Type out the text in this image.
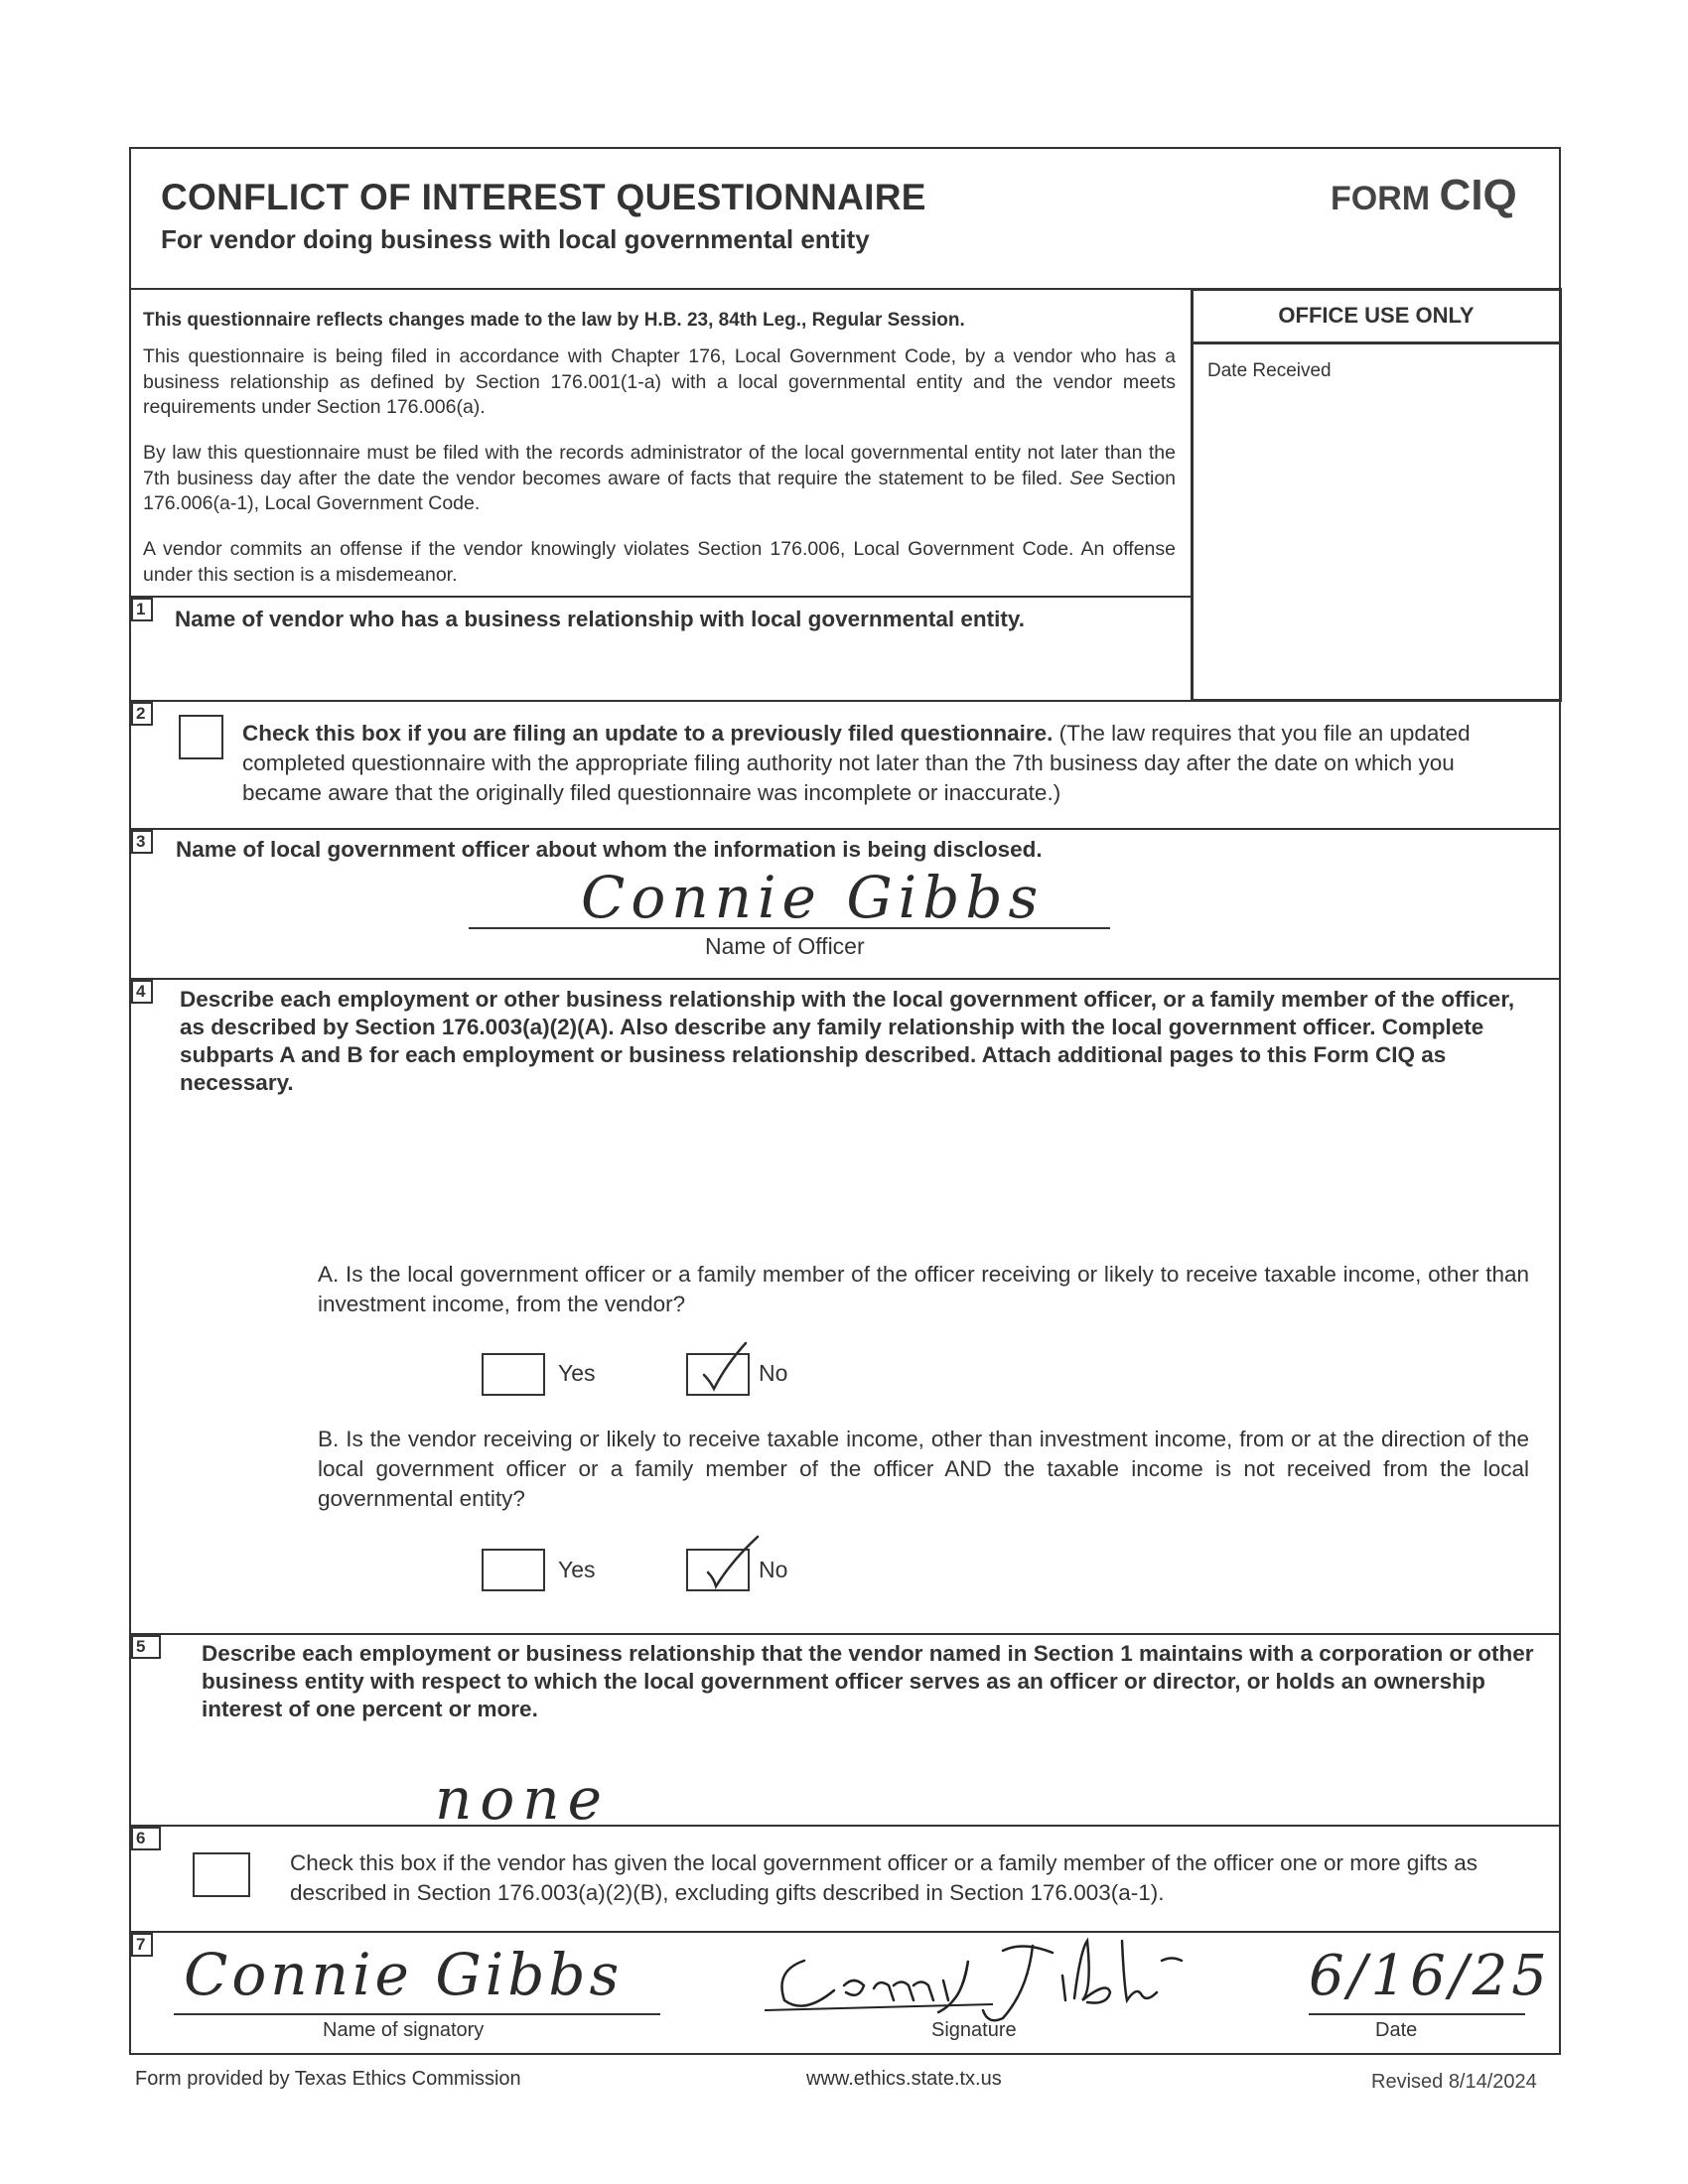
CONFLICT OF INTEREST QUESTIONNAIRE
For vendor doing business with local governmental entity
FORM CIQ
This questionnaire reflects changes made to the law by H.B. 23, 84th Leg., Regular Session.
This questionnaire is being filed in accordance with Chapter 176, Local Government Code, by a vendor who has a business relationship as defined by Section 176.001(1-a) with a local governmental entity and the vendor meets requirements under Section 176.006(a).
By law this questionnaire must be filed with the records administrator of the local governmental entity not later than the 7th business day after the date the vendor becomes aware of facts that require the statement to be filed. See Section 176.006(a-1), Local Government Code.
A vendor commits an offense if the vendor knowingly violates Section 176.006, Local Government Code. An offense under this section is a misdemeanor.
OFFICE USE ONLY
Date Received
1	Name of vendor who has a business relationship with local governmental entity.
2
Check this box if you are filing an update to a previously filed questionnaire. (The law requires that you file an updated completed questionnaire with the appropriate filing authority not later than the 7th business day after the date on which you became aware that the originally filed questionnaire was incomplete or inaccurate.)
3	Name of local government officer about whom the information is being disclosed.
Connie Gibbs
Name of Officer
4	Describe each employment or other business relationship with the local government officer, or a family member of the officer, as described by Section 176.003(a)(2)(A). Also describe any family relationship with the local government officer. Complete subparts A and B for each employment or business relationship described. Attach additional pages to this Form CIQ as necessary.
A. Is the local government officer or a family member of the officer receiving or likely to receive taxable income, other than investment income, from the vendor?
Yes	No
B. Is the vendor receiving or likely to receive taxable income, other than investment income, from or at the direction of the local government officer or a family member of the officer AND the taxable income is not received from the local governmental entity?
Yes	No
5	Describe each employment or business relationship that the vendor named in Section 1 maintains with a corporation or other business entity with respect to which the local government officer serves as an officer or director, or holds an ownership interest of one percent or more.
none
6
Check this box if the vendor has given the local government officer or a family member of the officer one or more gifts as described in Section 176.003(a)(2)(B), excluding gifts described in Section 176.003(a-1).
7 Connie Gibbs
Name of signatory	Signature
6/16/25
Date
Form provided by Texas Ethics Commission	www.ethics.state.tx.us	Revised 8/14/2024
